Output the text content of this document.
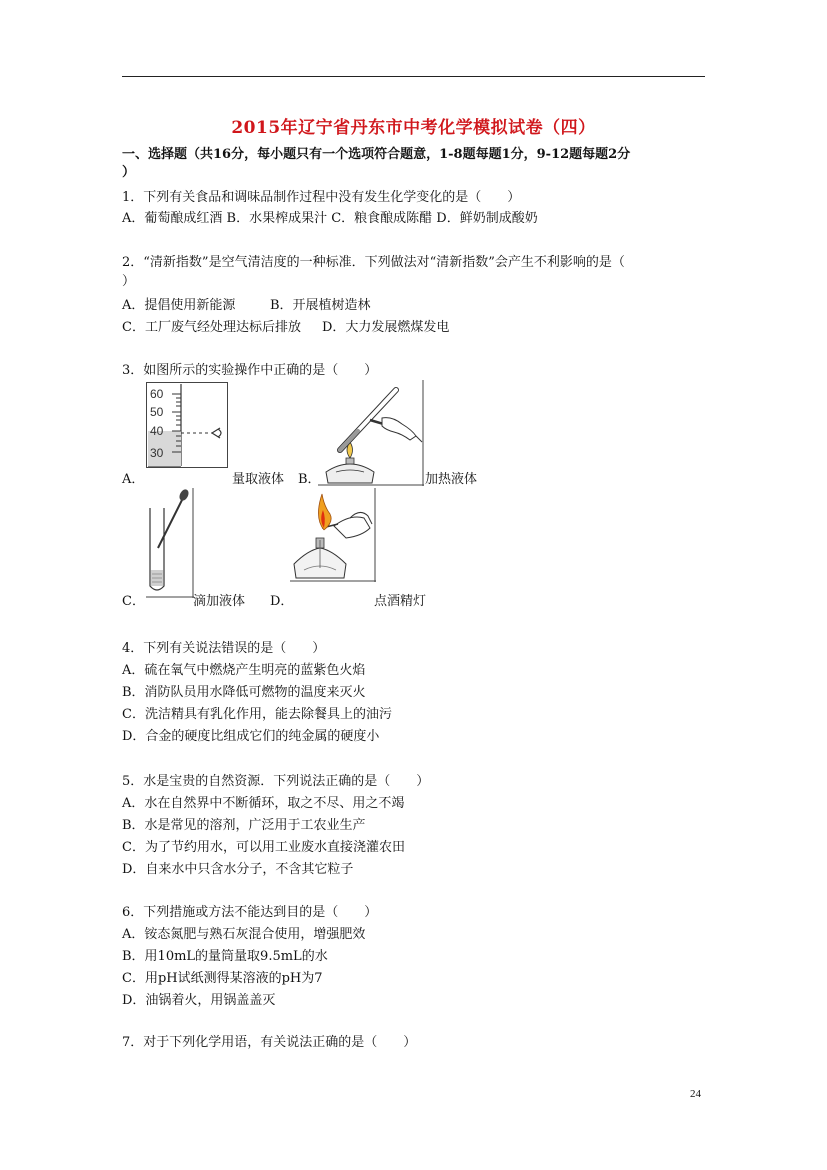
2015年辽宁省丹东市中考化学模拟试卷（四）
一、选择题（共16分，每小题只有一个选项符合题意，1-8题每题1分，9-12题每题2分
）
1．下列有关食品和调味品制作过程中没有发生化学变化的是（　　）
A．葡萄酿成红酒 B．水果榨成果汁 C．粮食酿成陈醋 D．鲜奶制成酸奶
2．“清新指数”是空气清洁度的一种标准．下列做法对“清新指数”会产生不利影响的是（
）
A．提倡使用新能源	B．开展植树造林
C．工厂废气经处理达标后排放 D．大力发展燃煤发电
3．如图所示的实验操作中正确的是（　　）
60
50
40
30
A．	量取液体 B．	加热液体
C．	滴加液体 D．	点酒精灯
4．下列有关说法错误的是（　　）
A．硫在氧气中燃烧产生明亮的蓝紫色火焰
B．消防队员用水降低可燃物的温度来灭火
C．洗洁精具有乳化作用，能去除餐具上的油污
D．合金的硬度比组成它们的纯金属的硬度小
5．水是宝贵的自然资源．下列说法正确的是（　　）
A．水在自然界中不断循环，取之不尽、用之不竭
B．水是常见的溶剂，广泛用于工农业生产
C．为了节约用水，可以用工业废水直接浇灌农田
D．自来水中只含水分子，不含其它粒子
6．下列措施或方法不能达到目的是（　　）
A．铵态氮肥与熟石灰混合使用，增强肥效
B．用10mL的量筒量取9.5mL的水
C．用pH试纸测得某溶液的pH为7
D．油锅着火，用锅盖盖灭
7．对于下列化学用语，有关说法正确的是（　　）
24
